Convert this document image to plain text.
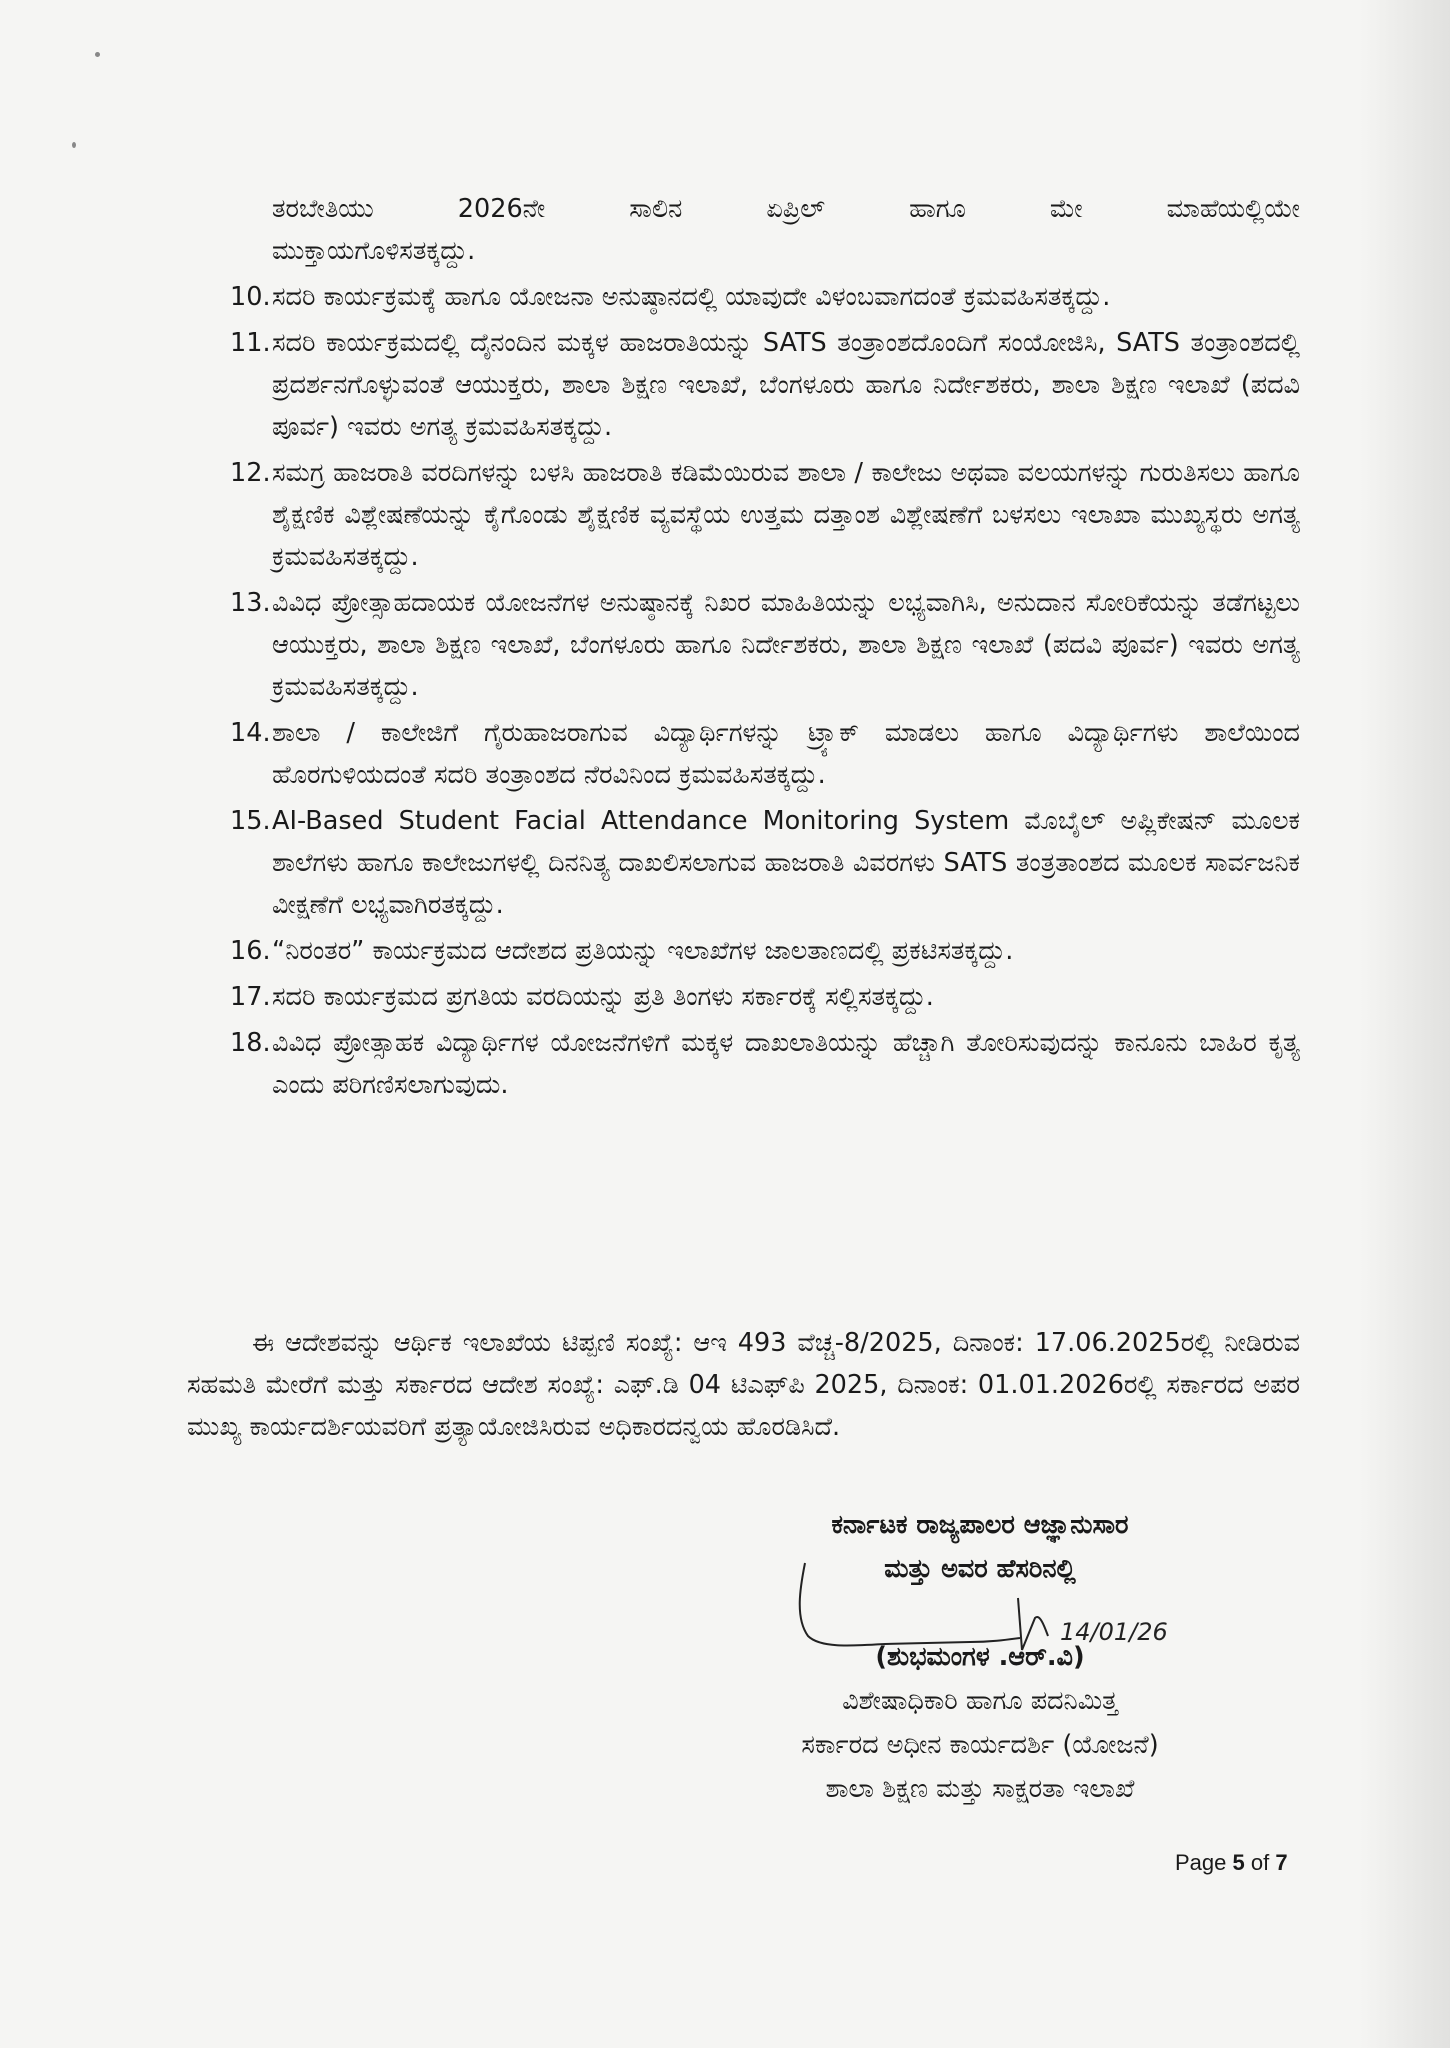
ತರಬೇತಿಯು 2026ನೇ ಸಾಲಿನ ಏಪ್ರಿಲ್ ಹಾಗೂ ಮೇ ಮಾಹೆಯಲ್ಲಿಯೇ
ಮುಕ್ತಾಯಗೊಳಿಸತಕ್ಕದ್ದು.
10. ಸದರಿ ಕಾರ್ಯಕ್ರಮಕ್ಕೆ ಹಾಗೂ ಯೋಜನಾ ಅನುಷ್ಠಾನದಲ್ಲಿ ಯಾವುದೇ ವಿಳಂಬವಾಗದಂತೆ ಕ್ರಮವಹಿಸತಕ್ಕದ್ದು.
11. ಸದರಿ ಕಾರ್ಯಕ್ರಮದಲ್ಲಿ ದೈನಂದಿನ ಮಕ್ಕಳ ಹಾಜರಾತಿಯನ್ನು SATS ತಂತ್ರಾಂಶದೊಂದಿಗೆ ಸಂಯೋಜಿಸಿ, SATS ತಂತ್ರಾಂಶದಲ್ಲಿ ಪ್ರದರ್ಶನಗೊಳ್ಳುವಂತೆ ಆಯುಕ್ತರು, ಶಾಲಾ ಶಿಕ್ಷಣ ಇಲಾಖೆ, ಬೆಂಗಳೂರು ಹಾಗೂ ನಿರ್ದೇಶಕರು, ಶಾಲಾ ಶಿಕ್ಷಣ ಇಲಾಖೆ (ಪದವಿ ಪೂರ್ವ) ಇವರು ಅಗತ್ಯ ಕ್ರಮವಹಿಸತಕ್ಕದ್ದು.
12. ಸಮಗ್ರ ಹಾಜರಾತಿ ವರದಿಗಳನ್ನು ಬಳಸಿ ಹಾಜರಾತಿ ಕಡಿಮೆಯಿರುವ ಶಾಲಾ / ಕಾಲೇಜು ಅಥವಾ ವಲಯಗಳನ್ನು ಗುರುತಿಸಲು ಹಾಗೂ ಶೈಕ್ಷಣಿಕ ವಿಶ್ಲೇಷಣೆಯನ್ನು ಕೈಗೊಂಡು ಶೈಕ್ಷಣಿಕ ವ್ಯವಸ್ಥೆಯ ಉತ್ತಮ ದತ್ತಾಂಶ ವಿಶ್ಲೇಷಣೆಗೆ ಬಳಸಲು ಇಲಾಖಾ ಮುಖ್ಯಸ್ಥರು ಅಗತ್ಯ ಕ್ರಮವಹಿಸತಕ್ಕದ್ದು.
13. ವಿವಿಧ ಪ್ರೋತ್ಸಾಹದಾಯಕ ಯೋಜನೆಗಳ ಅನುಷ್ಠಾನಕ್ಕೆ ನಿಖರ ಮಾಹಿತಿಯನ್ನು ಲಭ್ಯವಾಗಿಸಿ, ಅನುದಾನ ಸೋರಿಕೆಯನ್ನು ತಡೆಗಟ್ಟಲು ಆಯುಕ್ತರು, ಶಾಲಾ ಶಿಕ್ಷಣ ಇಲಾಖೆ, ಬೆಂಗಳೂರು ಹಾಗೂ ನಿರ್ದೇಶಕರು, ಶಾಲಾ ಶಿಕ್ಷಣ ಇಲಾಖೆ (ಪದವಿ ಪೂರ್ವ) ಇವರು ಅಗತ್ಯ ಕ್ರಮವಹಿಸತಕ್ಕದ್ದು.
14. ಶಾಲಾ / ಕಾಲೇಜಿಗೆ ಗೈರುಹಾಜರಾಗುವ ವಿದ್ಯಾರ್ಥಿಗಳನ್ನು ಟ್ರ್ಯಾಕ್ ಮಾಡಲು ಹಾಗೂ ವಿದ್ಯಾರ್ಥಿಗಳು ಶಾಲೆಯಿಂದ ಹೊರಗುಳಿಯದಂತೆ ಸದರಿ ತಂತ್ರಾಂಶದ ನೆರವಿನಿಂದ ಕ್ರಮವಹಿಸತಕ್ಕದ್ದು.
15. AI-Based Student Facial Attendance Monitoring System ಮೊಬೈಲ್ ಅಪ್ಲಿಕೇಷನ್ ಮೂಲಕ ಶಾಲೆಗಳು ಹಾಗೂ ಕಾಲೇಜುಗಳಲ್ಲಿ ದಿನನಿತ್ಯ ದಾಖಲಿಸಲಾಗುವ ಹಾಜರಾತಿ ವಿವರಗಳು SATS ತಂತ್ರತಾಂಶದ ಮೂಲಕ ಸಾರ್ವಜನಿಕ ವೀಕ್ಷಣೆಗೆ ಲಭ್ಯವಾಗಿರತಕ್ಕದ್ದು.
16. “ನಿರಂತರ” ಕಾರ್ಯಕ್ರಮದ ಆದೇಶದ ಪ್ರತಿಯನ್ನು ಇಲಾಖೆಗಳ ಜಾಲತಾಣದಲ್ಲಿ ಪ್ರಕಟಿಸತಕ್ಕದ್ದು.
17. ಸದರಿ ಕಾರ್ಯಕ್ರಮದ ಪ್ರಗತಿಯ ವರದಿಯನ್ನು ಪ್ರತಿ ತಿಂಗಳು ಸರ್ಕಾರಕ್ಕೆ ಸಲ್ಲಿಸತಕ್ಕದ್ದು.
18. ವಿವಿಧ ಪ್ರೋತ್ಸಾಹಕ ವಿದ್ಯಾರ್ಥಿಗಳ ಯೋಜನೆಗಳಿಗೆ ಮಕ್ಕಳ ದಾಖಲಾತಿಯನ್ನು ಹೆಚ್ಚಾಗಿ ತೋರಿಸುವುದನ್ನು ಕಾನೂನು ಬಾಹಿರ ಕೃತ್ಯ ಎಂದು ಪರಿಗಣಿಸಲಾಗುವುದು.

ಈ ಆದೇಶವನ್ನು ಆರ್ಥಿಕ ಇಲಾಖೆಯ ಟಿಪ್ಪಣಿ ಸಂಖ್ಯೆ: ಆಇ 493 ವೆಚ್ಚ-8/2025, ದಿನಾಂಕ: 17.06.2025ರಲ್ಲಿ ನೀಡಿರುವ ಸಹಮತಿ ಮೇರೆಗೆ ಮತ್ತು ಸರ್ಕಾರದ ಆದೇಶ ಸಂಖ್ಯೆ: ಎಫ್.ಡಿ 04 ಟಿಎಫ್‌ಪಿ 2025, ದಿನಾಂಕ: 01.01.2026ರಲ್ಲಿ ಸರ್ಕಾರದ ಅಪರ ಮುಖ್ಯ ಕಾರ್ಯದರ್ಶಿಯವರಿಗೆ ಪ್ರತ್ಯಾಯೋಜಿಸಿರುವ ಅಧಿಕಾರದನ್ವಯ ಹೊರಡಿಸಿದೆ.

ಕರ್ನಾಟಕ ರಾಜ್ಯಪಾಲರ ಆಜ್ಞಾನುಸಾರ
ಮತ್ತು ಅವರ ಹೆಸರಿನಲ್ಲಿ
(ಶುಭಮಂಗಳ .ಆರ್.ವಿ)
ವಿಶೇಷಾಧಿಕಾರಿ ಹಾಗೂ ಪದನಿಮಿತ್ತ
ಸರ್ಕಾರದ ಅಧೀನ ಕಾರ್ಯದರ್ಶಿ (ಯೋಜನೆ)
ಶಾಲಾ ಶಿಕ್ಷಣ ಮತ್ತು ಸಾಕ್ಷರತಾ ಇಲಾಖೆ
14/01/26
Page 5 of 7
